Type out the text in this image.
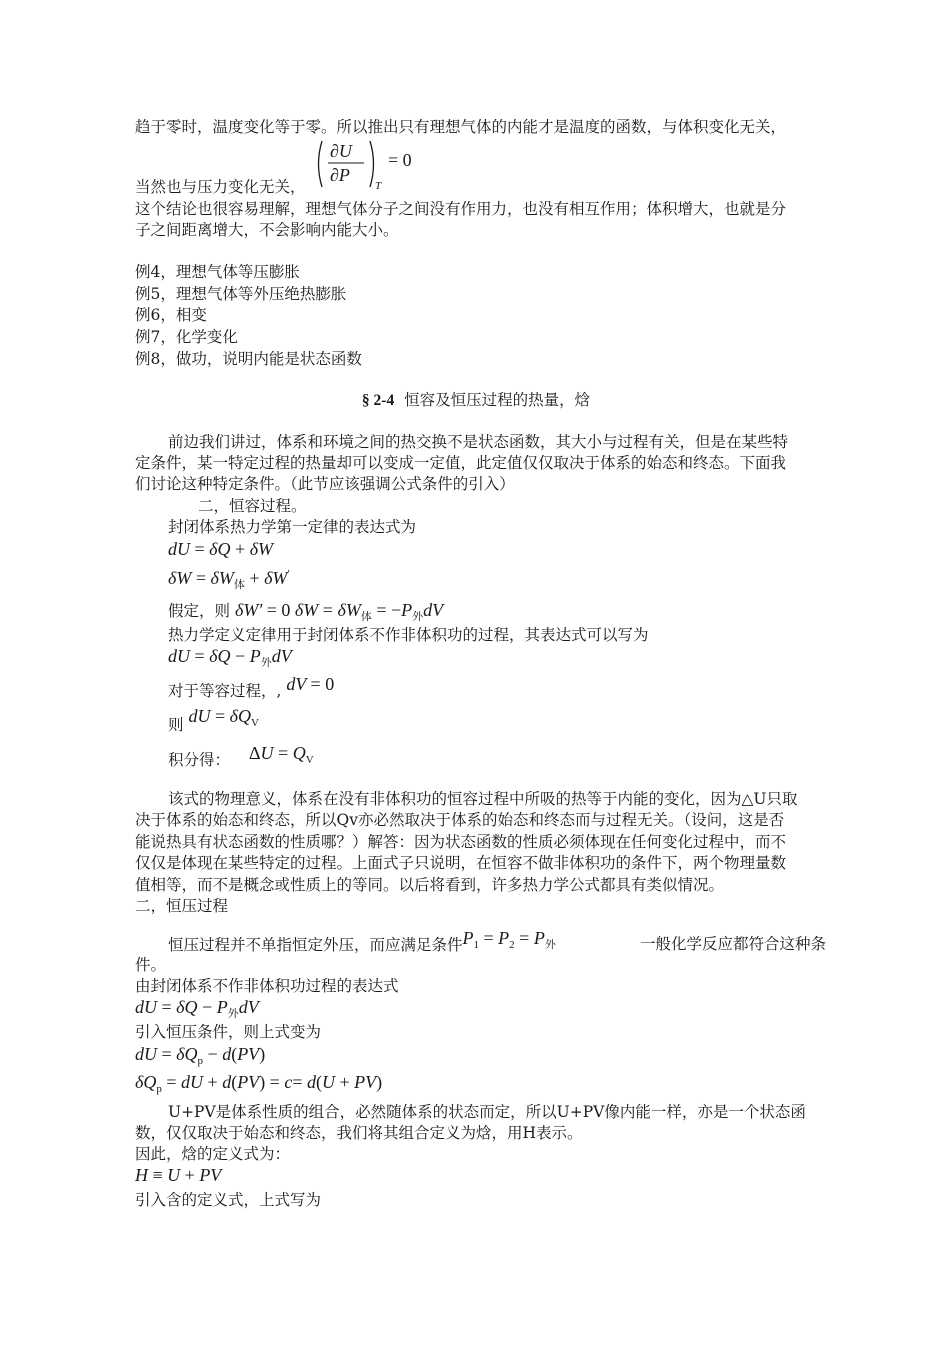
趋于零时，温度变化等于零。所以推出只有理想气体的内能才是温度的函数，与体积变化无关，
∂U
∂P
T
= 0
当然也与压力变化无关，
这个结论也很容易理解，理想气体分子之间没有作用力，也没有相互作用；体积增大，也就是分
子之间距离增大，不会影响内能大小。
例4，理想气体等压膨胀
例5，理想气体等外压绝热膨胀
例6，相变
例7，化学变化
例8，做功，说明内能是状态函数
§ 2-4 恒容及恒压过程的热量，焓
前边我们讲过，体系和环境之间的热交换不是状态函数，其大小与过程有关，但是在某些特
定条件，某一特定过程的热量却可以变成一定值，此定值仅仅取决于体系的始态和终态。下面我
们讨论这种特定条件。（此节应该强调公式条件的引入）
二，恒容过程。
封闭体系热力学第一定律的表达式为
dU = δQ + δW
$\delta W = \delta W_体 + \delta W'$
假定，则 δW′ = 0 $\delta W = \delta W_体 = -P_外dV$
热力学定义定律用于封闭体系不作非体积功的过程，其表达式可以写为
dU = $\delta Q - P_外dV$
对于等容过程，, dV = 0
则 dU = $\delta Q_V$
积分得： $\Delta U = Q_V$
该式的物理意义，体系在没有非体积功的恒容过程中所吸的热等于内能的变化，因为△U只取
决于体系的始态和终态，所以Qv亦必然取决于体系的始态和终态而与过程无关。（设问，这是否
能说热具有状态函数的性质哪？）解答：因为状态函数的性质必须体现在任何变化过程中，而不
仅仅是体现在某些特定的过程。上面式子只说明，在恒容不做非体积功的条件下，两个物理量数
值相等，而不是概念或性质上的等同。以后将看到，许多热力学公式都具有类似情况。
二，恒压过程
恒压过程并不单指恒定外压，而应满足条件$P_1 = P_2 = P_外$	一般化学反应都符合这种条
件。
由封闭体系不作非体积功过程的表达式
dU = $\delta Q - P_外dV$
引入恒压条件，则上式变为
dU = $\delta Q_p - d(PV)$
$\delta Q_p$ = dU + d(PV) = c= d(U + PV)
U+PV是体系性质的组合，必然随体系的状态而定，所以U+PV像内能一样，亦是一个状态函
数，仅仅取决于始态和终态，我们将其组合定义为焓，用H表示。
因此，焓的定义式为：
H ≡ U + PV
引入含的定义式，上式写为
